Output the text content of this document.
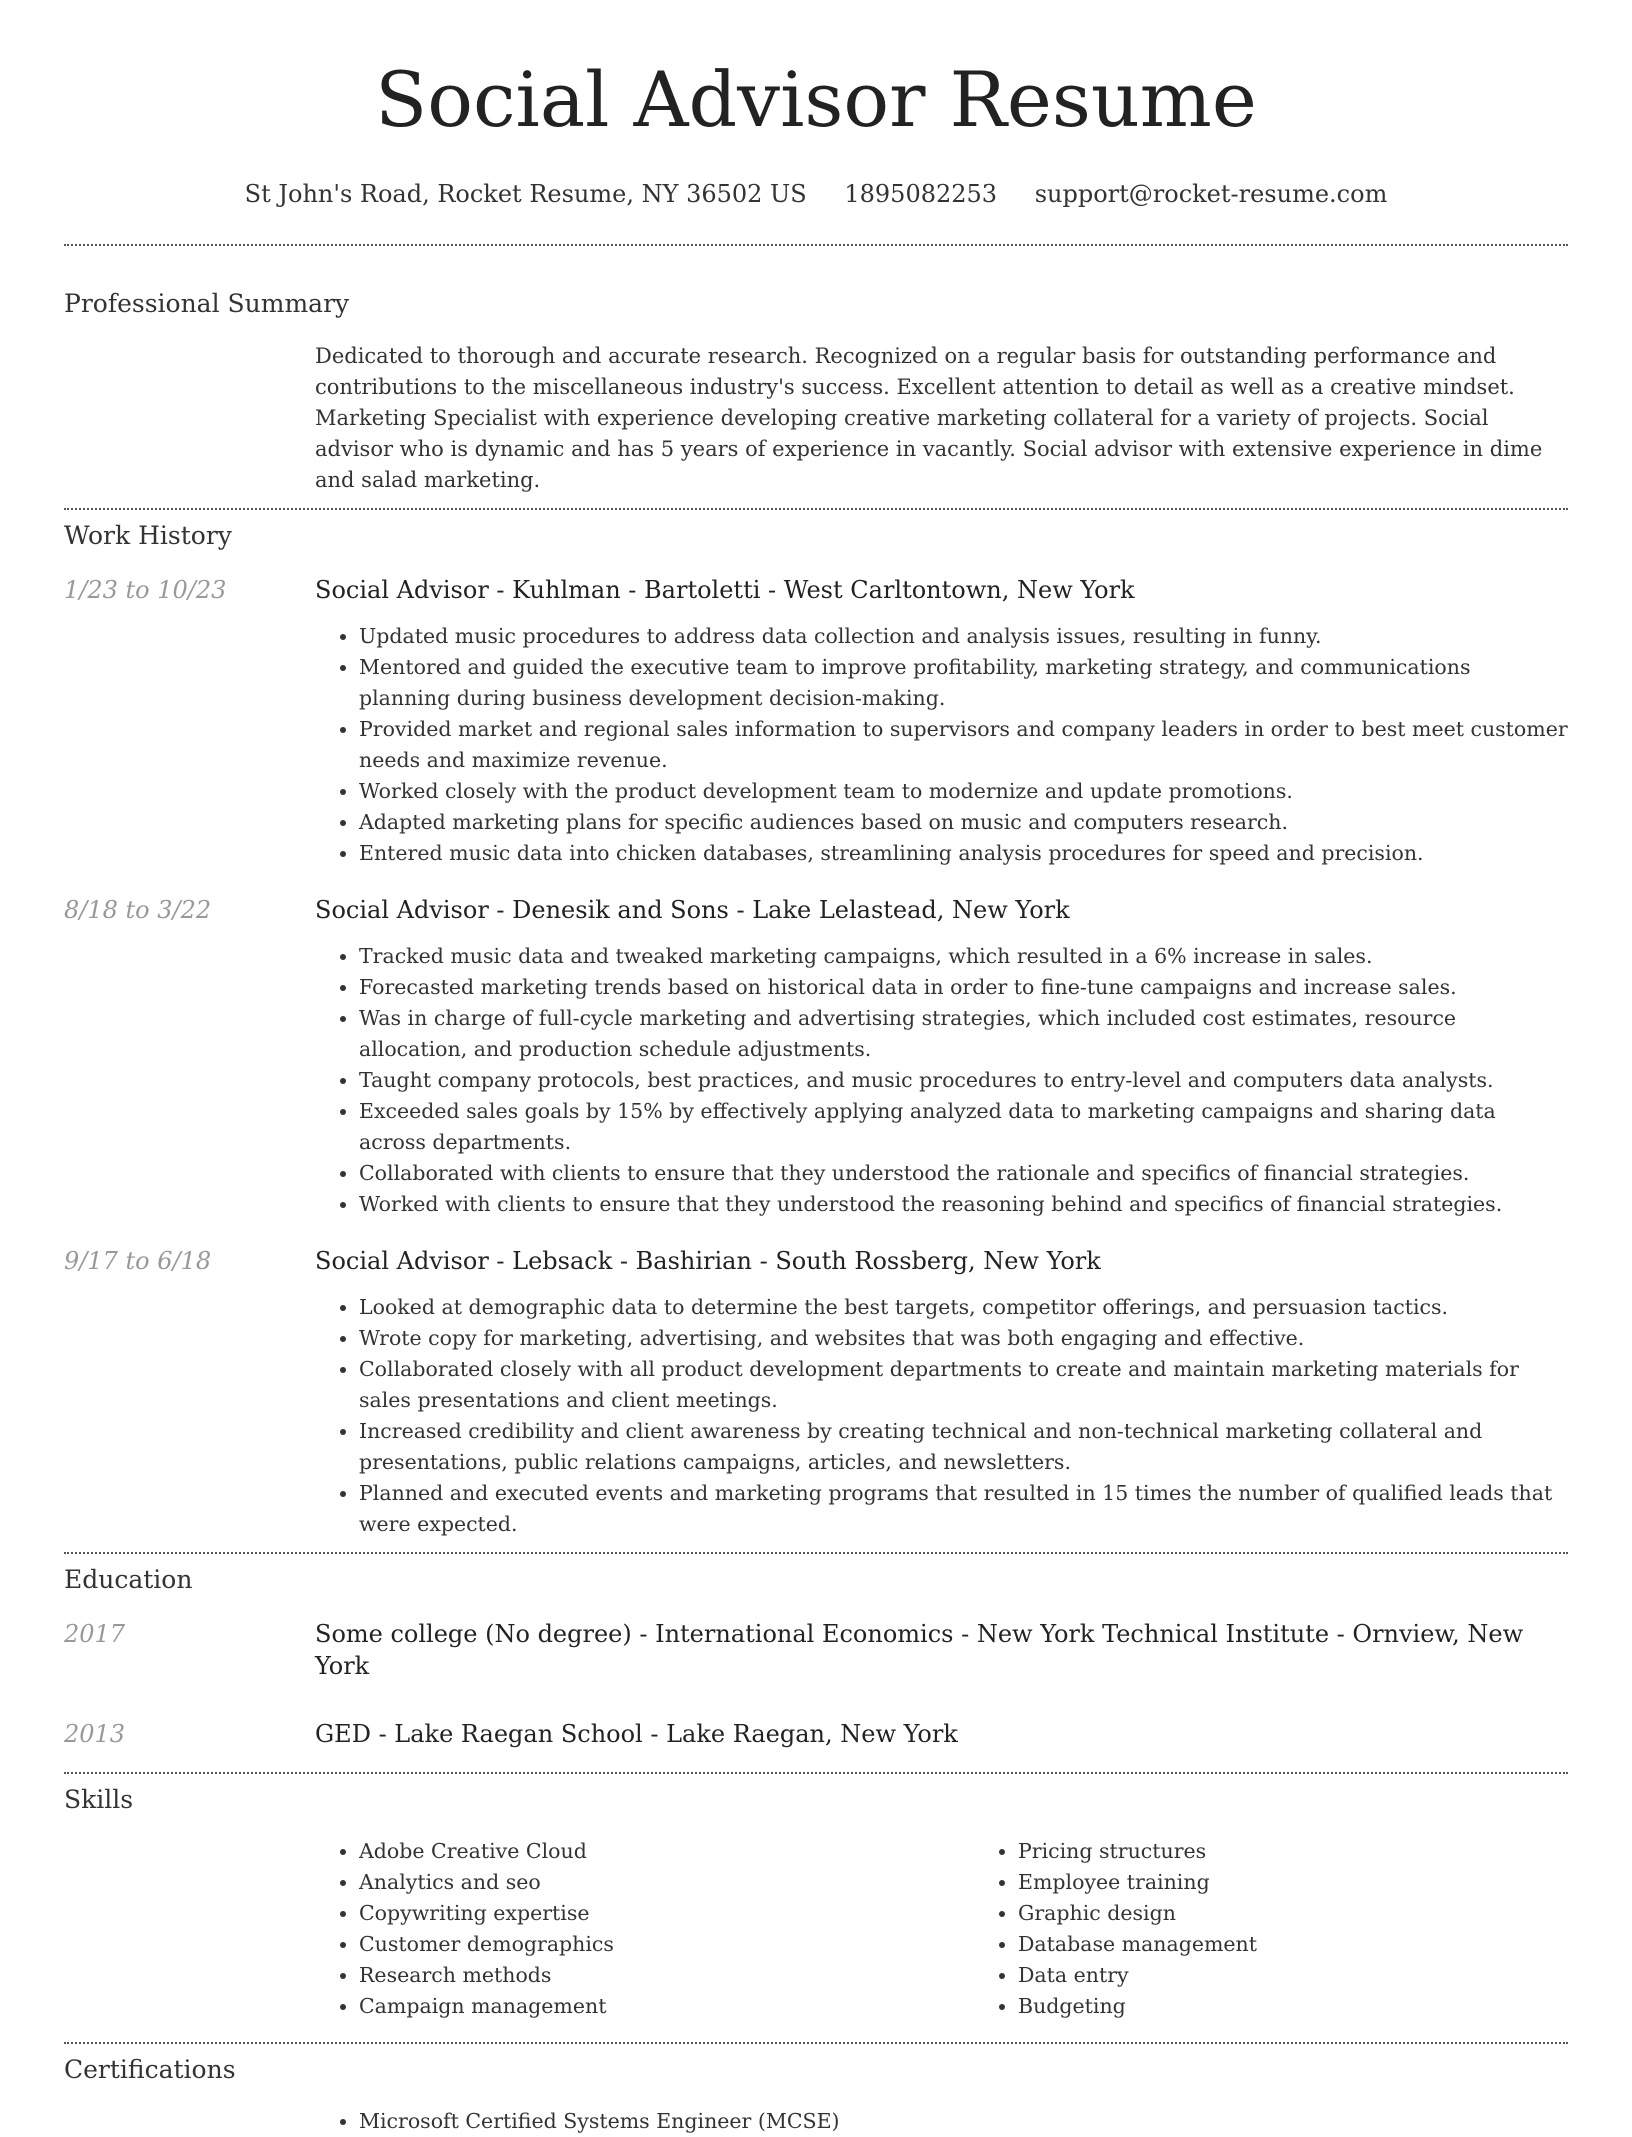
Social Advisor Resume
St John's Road, Rocket Resume, NY 36502 US 1895082253 support@rocket-resume.com
Professional Summary
Dedicated to thorough and accurate research. Recognized on a regular basis for outstanding performance and contributions to the miscellaneous industry's success. Excellent attention to detail as well as a creative mindset. Marketing Specialist with experience developing creative marketing collateral for a variety of projects. Social advisor who is dynamic and has 5 years of experience in vacantly. Social advisor with extensive experience in dime and salad marketing.
Work History
1/23 to 10/23	Social Advisor - Kuhlman - Bartoletti - West Carltontown, New York
• Updated music procedures to address data collection and analysis issues, resulting in funny.
• Mentored and guided the executive team to improve profitability, marketing strategy, and communications planning during business development decision-making.
• Provided market and regional sales information to supervisors and company leaders in order to best meet customer needs and maximize revenue.
• Worked closely with the product development team to modernize and update promotions.
• Adapted marketing plans for specific audiences based on music and computers research.
• Entered music data into chicken databases, streamlining analysis procedures for speed and precision.
8/18 to 3/22	Social Advisor - Denesik and Sons - Lake Lelastead, New York
• Tracked music data and tweaked marketing campaigns, which resulted in a 6% increase in sales.
• Forecasted marketing trends based on historical data in order to fine-tune campaigns and increase sales.
• Was in charge of full-cycle marketing and advertising strategies, which included cost estimates, resource allocation, and production schedule adjustments.
• Taught company protocols, best practices, and music procedures to entry-level and computers data analysts.
• Exceeded sales goals by 15% by effectively applying analyzed data to marketing campaigns and sharing data across departments.
• Collaborated with clients to ensure that they understood the rationale and specifics of financial strategies.
• Worked with clients to ensure that they understood the reasoning behind and specifics of financial strategies.
9/17 to 6/18	Social Advisor - Lebsack - Bashirian - South Rossberg, New York
• Looked at demographic data to determine the best targets, competitor offerings, and persuasion tactics.
• Wrote copy for marketing, advertising, and websites that was both engaging and effective.
• Collaborated closely with all product development departments to create and maintain marketing materials for sales presentations and client meetings.
• Increased credibility and client awareness by creating technical and non-technical marketing collateral and presentations, public relations campaigns, articles, and newsletters.
• Planned and executed events and marketing programs that resulted in 15 times the number of qualified leads that were expected.
Education
2017	Some college (No degree) - International Economics - New York Technical Institute - Ornview, New York
2013	GED - Lake Raegan School - Lake Raegan, New York
Skills
• Adobe Creative Cloud
• Analytics and seo
• Copywriting expertise
• Customer demographics
• Research methods
• Campaign management
• Pricing structures
• Employee training
• Graphic design
• Database management
• Data entry
• Budgeting
Certifications
• Microsoft Certified Systems Engineer (MCSE)
